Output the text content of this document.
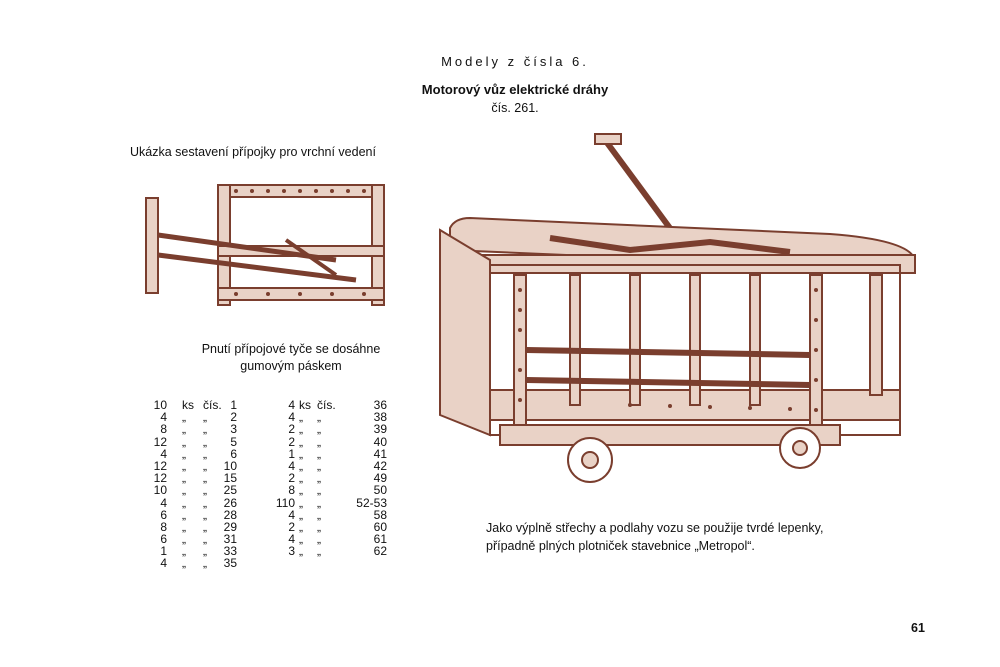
Modely z čísla 6.
Motorový vůz elektrické dráhy
čís. 261.
Ukázka sestavení přípojky pro vrchní vedení
Pnutí přípojové tyče se dosáhne
gumovým páskem
10 ks čís. 1
4 „ „ 2
8 „ „ 3
12 „ „ 5
4 „ „ 6
12 „ „ 10
12 „ „ 15
10 „ „ 25
4 „ „ 26
6 „ „ 28
8 „ „ 29
6 „ „ 31
1 „ „ 33
4 „ „ 35
4 ks čís.	36
4 „ „	38
2 „ „	39
2 „ „	40
1 „ „	41
4 „ „	42
2 „ „	49
8 „ „	50
110 „ „	52-53
4 „ „	58
2 „ „	60
4 „ „	61
3 „ „	62
Jako výplně střechy a podlahy vozu se použije tvrdé lepenky,
případně plných plotniček stavebnice „Metropol“.
61
